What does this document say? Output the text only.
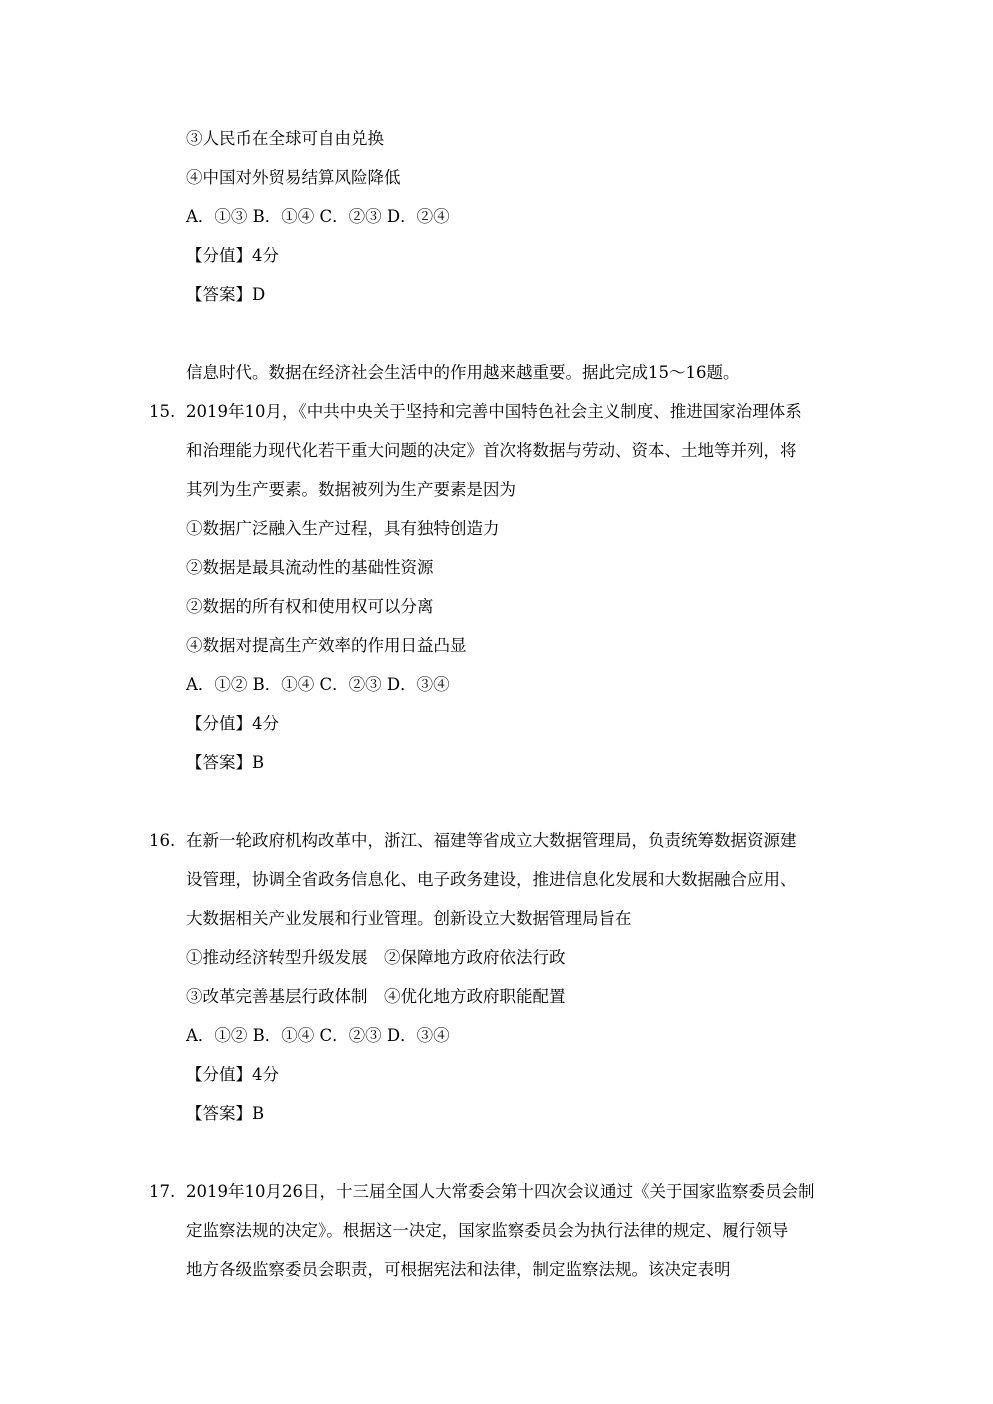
③人民币在全球可自由兑换
④中国对外贸易结算风险降低
A．①③ B．①④ C．②③ D．②④
【分值】4分
【答案】D
信息时代。数据在经济社会生活中的作用越来越重要。据此完成15～16题。
15. 2019年10月，《中共中央关于坚持和完善中国特色社会主义制度、推进国家治理体系
和治理能力现代化若干重大问题的决定》首次将数据与劳动、资本、土地等并列，将
其列为生产要素。数据被列为生产要素是因为
①数据广泛融入生产过程，具有独特创造力
②数据是最具流动性的基础性资源
②数据的所有权和使用权可以分离
④数据对提高生产效率的作用日益凸显
A．①② B．①④ C．②③ D．③④
【分值】4分
【答案】B
16. 在新一轮政府机构改革中，浙江、福建等省成立大数据管理局，负责统筹数据资源建
设管理，协调全省政务信息化、电子政务建设，推进信息化发展和大数据融合应用、
大数据相关产业发展和行业管理。创新设立大数据管理局旨在
①推动经济转型升级发展　②保障地方政府依法行政
③改革完善基层行政体制　④优化地方政府职能配置
A．①② B．①④ C．②③ D．③④
【分值】4分
【答案】B
17. 2019年10月26日，十三届全国人大常委会第十四次会议通过《关于国家监察委员会制
定监察法规的决定》。根据这一决定，国家监察委员会为执行法律的规定、履行领导
地方各级监察委员会职责，可根据宪法和法律，制定监察法规。该决定表明
